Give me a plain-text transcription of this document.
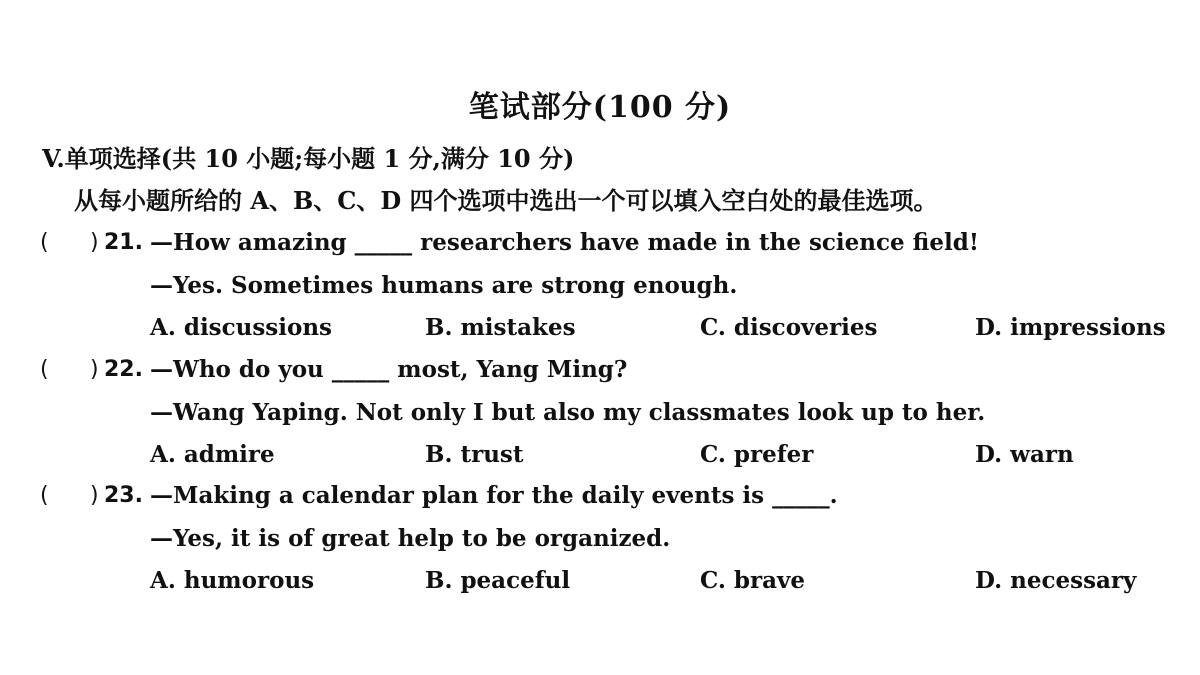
笔试部分(100 分)
V.单项选择(共 10 小题;每小题 1 分,满分 10 分)
从每小题所给的 A、B、C、D 四个选项中选出一个可以填入空白处的最佳选项。
( ) 21. —How amazing _____ researchers have made in the science field!
—Yes. Sometimes humans are strong enough.
A. discussions	B. mistakes	C. discoveries	D. impressions
( ) 22. —Who do you _____ most, Yang Ming?
—Wang Yaping. Not only I but also my classmates look up to her.
A. admire	B. trust	C. prefer	D. warn
( ) 23. —Making a calendar plan for the daily events is _____.
—Yes, it is of great help to be organized.
A. humorous	B. peaceful	C. brave	D. necessary
